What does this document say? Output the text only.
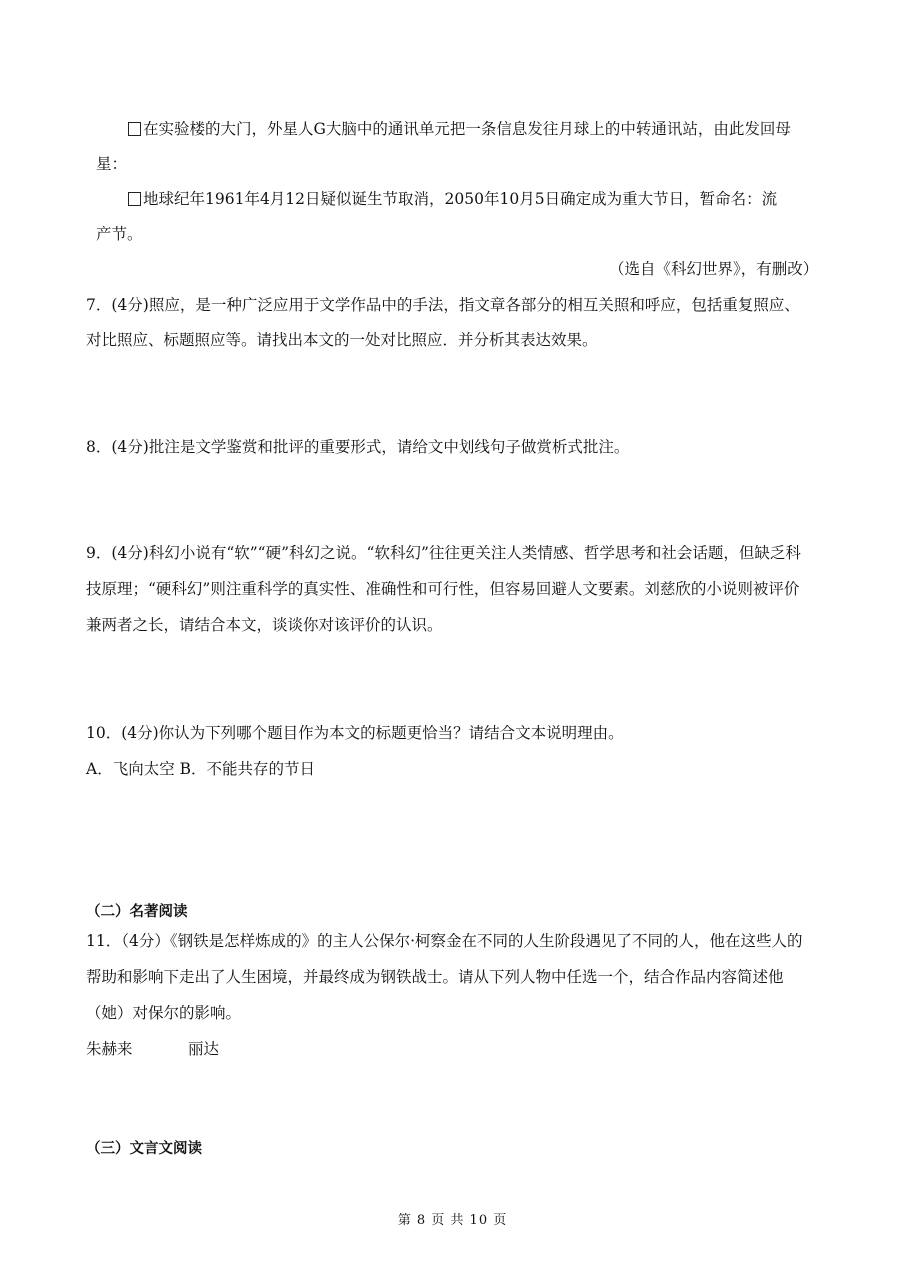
在实验楼的大门，外星人G大脑中的通讯单元把一条信息发往月球上的中转通讯站，由此发回母
星：
地球纪年1961年4月12日疑似诞生节取消，2050年10月5日确定成为重大节日，暂命名：流
产节。
（选自《科幻世界》，有删改）
7．(4分)照应，是一种广泛应用于文学作品中的手法，指文章各部分的相互关照和呼应，包括重复照应、
对比照应、标题照应等。请找出本文的一处对比照应．并分析其表达效果。
8．(4分)批注是文学鉴赏和批评的重要形式，请给文中划线句子做赏析式批注。
9．(4分)科幻小说有“软”“硬”科幻之说。“软科幻”往往更关注人类情感、哲学思考和社会话题，但缺乏科
技原理；“硬科幻”则注重科学的真实性、准确性和可行性，但容易回避人文要素。刘慈欣的小说则被评价
兼两者之长，请结合本文，谈谈你对该评价的认识。
10．(4分)你认为下列哪个题目作为本文的标题更恰当？请结合文本说明理由。
A．飞向太空 B．不能共存的节日
（二）名著阅读
11．（4分）《钢铁是怎样炼成的》的主人公保尔·柯察金在不同的人生阶段遇见了不同的人，他在这些人的
帮助和影响下走出了人生困境，并最终成为钢铁战士。请从下列人物中任选一个，结合作品内容简述他
（她）对保尔的影响。
朱赫来	丽达
（三）文言文阅读
第 8 页 共 10 页
